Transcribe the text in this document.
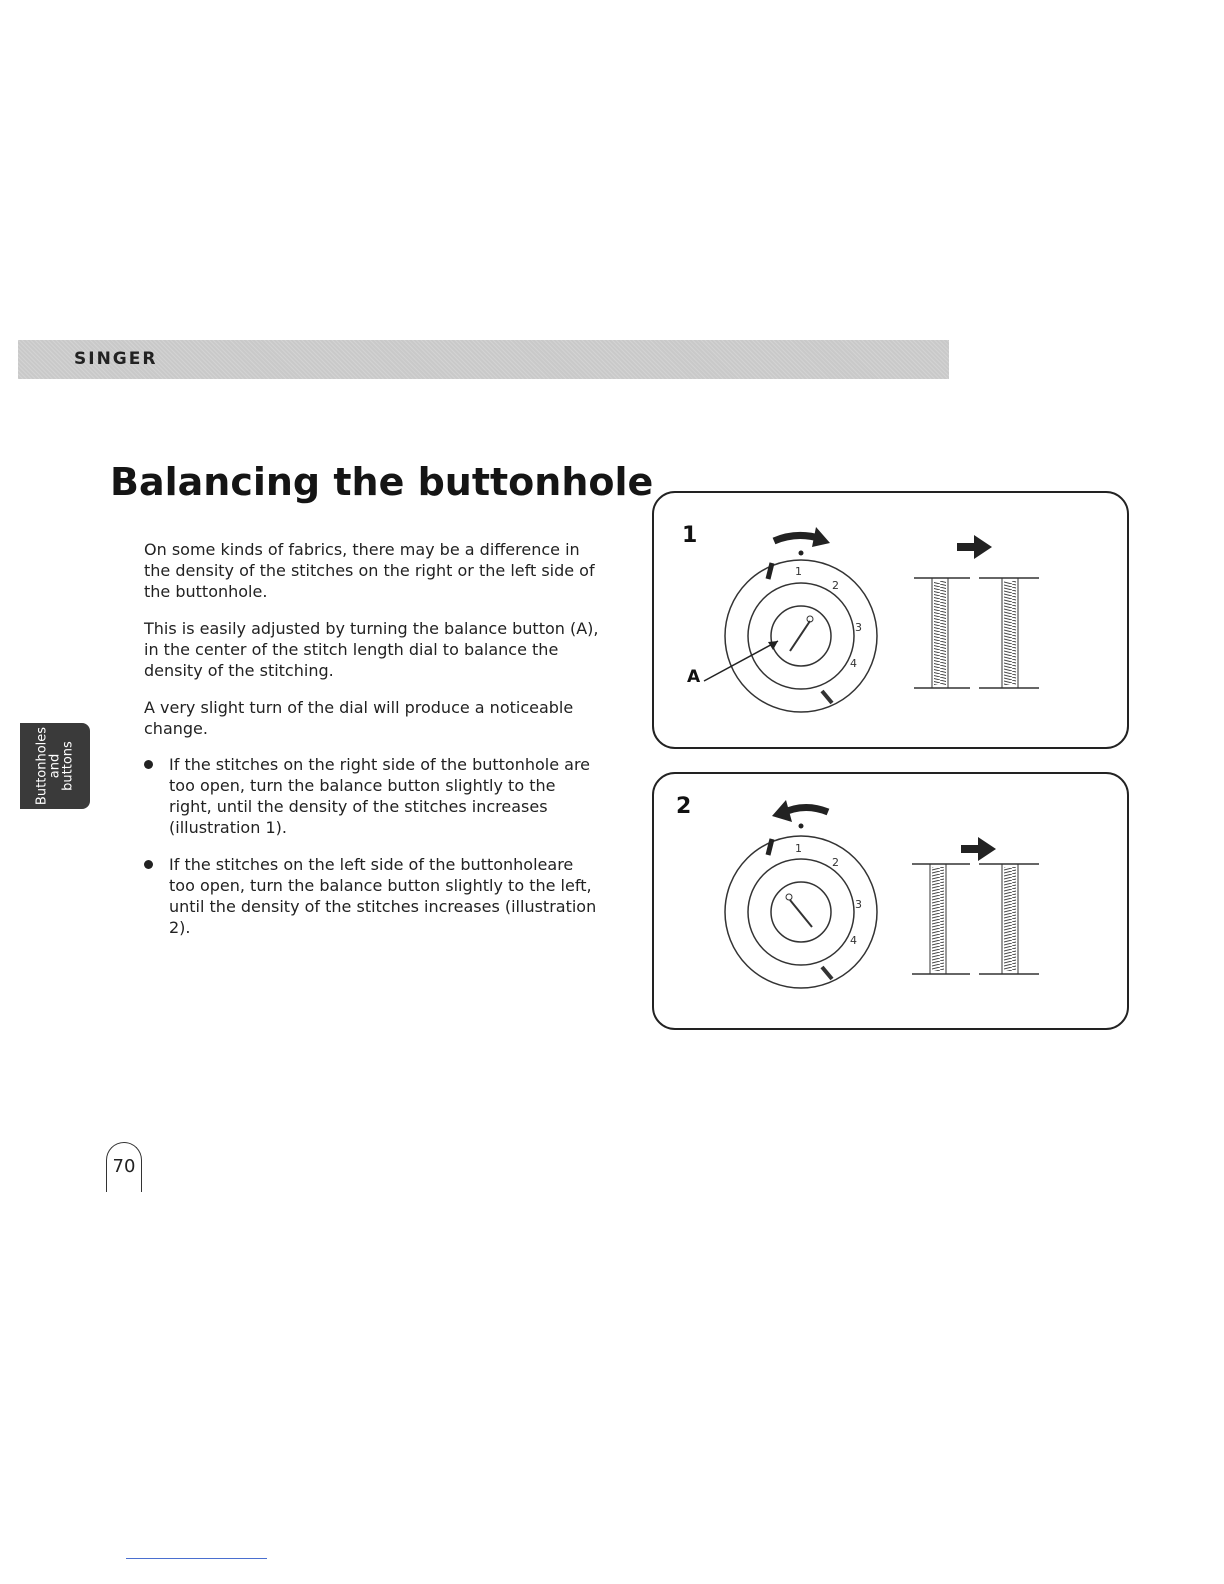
SINGER
Buttonholes
and
buttons
Balancing the buttonhole

On some kinds of fabrics, there may be a difference in the density of the stitches on the right or the left side of the buttonhole.

This is easily adjusted by turning the balance button (A), in the center of the stitch length dial to balance the density of the stitching.

A very slight turn of the dial will produce a noticeable change.

If the stitches on the right side of the buttonhole are too open, turn the balance button slightly to the right, until the density of the stitches increases (illustration 1).

If the stitches on the left side of the buttonholeare too open, turn the balance button slightly to the left, until the density of the stitches increases (illustration 2).

1
2
3
4
1
A
1
2
3
4
2
70
